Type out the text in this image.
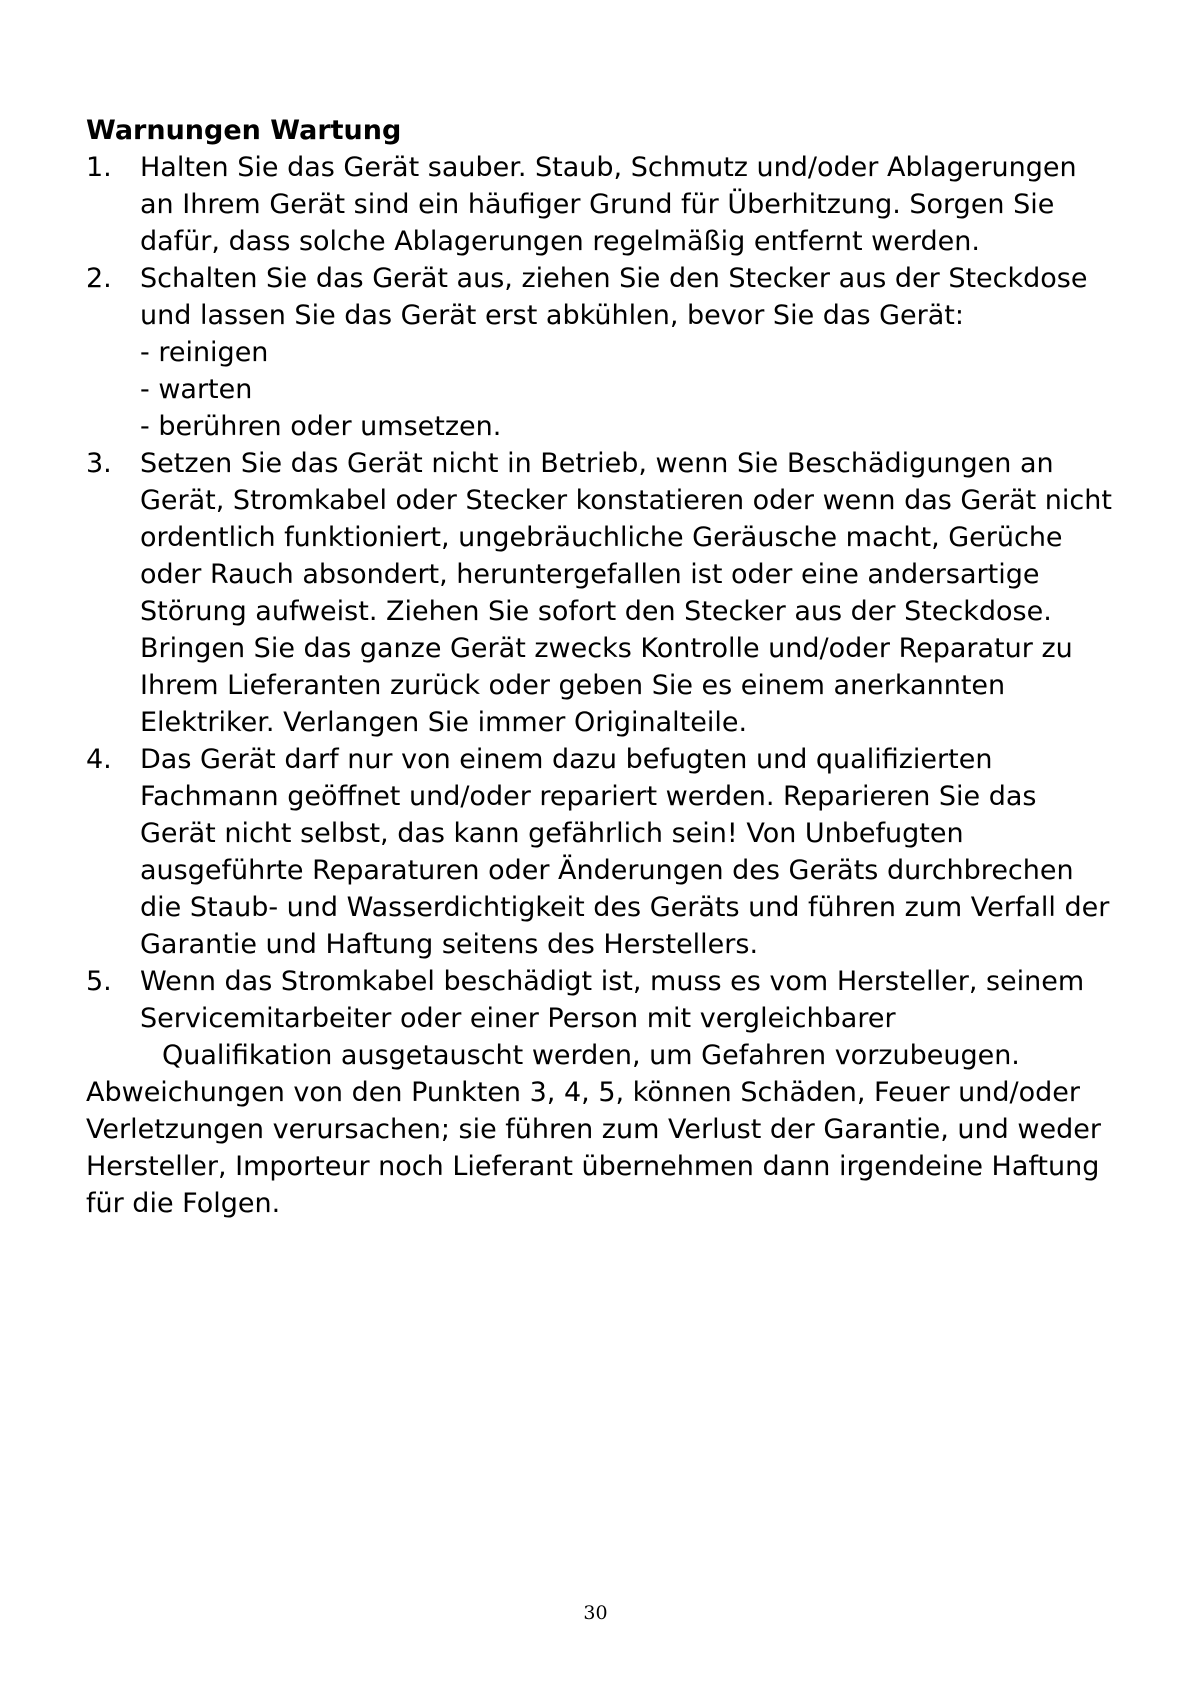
Warnungen Wartung

1.	Halten Sie das Gerät sauber. Staub, Schmutz und/oder Ablagerungen an Ihrem Gerät sind ein häufiger Grund für Überhitzung. Sorgen Sie dafür, dass solche Ablagerungen regelmäßig entfernt werden.
2.	Schalten Sie das Gerät aus, ziehen Sie den Stecker aus der Steckdose und lassen Sie das Gerät erst abkühlen, bevor Sie das Gerät:
- reinigen
- warten
- berühren oder umsetzen.
3.	Setzen Sie das Gerät nicht in Betrieb, wenn Sie Beschädigungen an Gerät, Stromkabel oder Stecker konstatieren oder wenn das Gerät nicht ordentlich funktioniert, ungebräuchliche Geräusche macht, Gerüche oder Rauch absondert, heruntergefallen ist oder eine andersartige Störung aufweist. Ziehen Sie sofort den Stecker aus der Steckdose. Bringen Sie das ganze Gerät zwecks Kontrolle und/oder Reparatur zu Ihrem Lieferanten zurück oder geben Sie es einem anerkannten Elektriker. Verlangen Sie immer Originalteile.
4.	Das Gerät darf nur von einem dazu befugten und qualifizierten Fachmann geöffnet und/oder repariert werden. Reparieren Sie das Gerät nicht selbst, das kann gefährlich sein! Von Unbefugten ausgeführte Reparaturen oder Änderungen des Geräts durchbrechen die Staub- und Wasserdichtigkeit des Geräts und führen zum Verfall der Garantie und Haftung seitens des Herstellers.
5.	Wenn das Stromkabel beschädigt ist, muss es vom Hersteller, seinem Servicemitarbeiter oder einer Person mit vergleichbarer
Qualifikation ausgetauscht werden, um Gefahren vorzubeugen.

Abweichungen von den Punkten 3, 4, 5, können Schäden, Feuer und/oder Verletzungen verursachen; sie führen zum Verlust der Garantie, und weder Hersteller, Importeur noch Lieferant übernehmen dann irgendeine Haftung für die Folgen.

30
